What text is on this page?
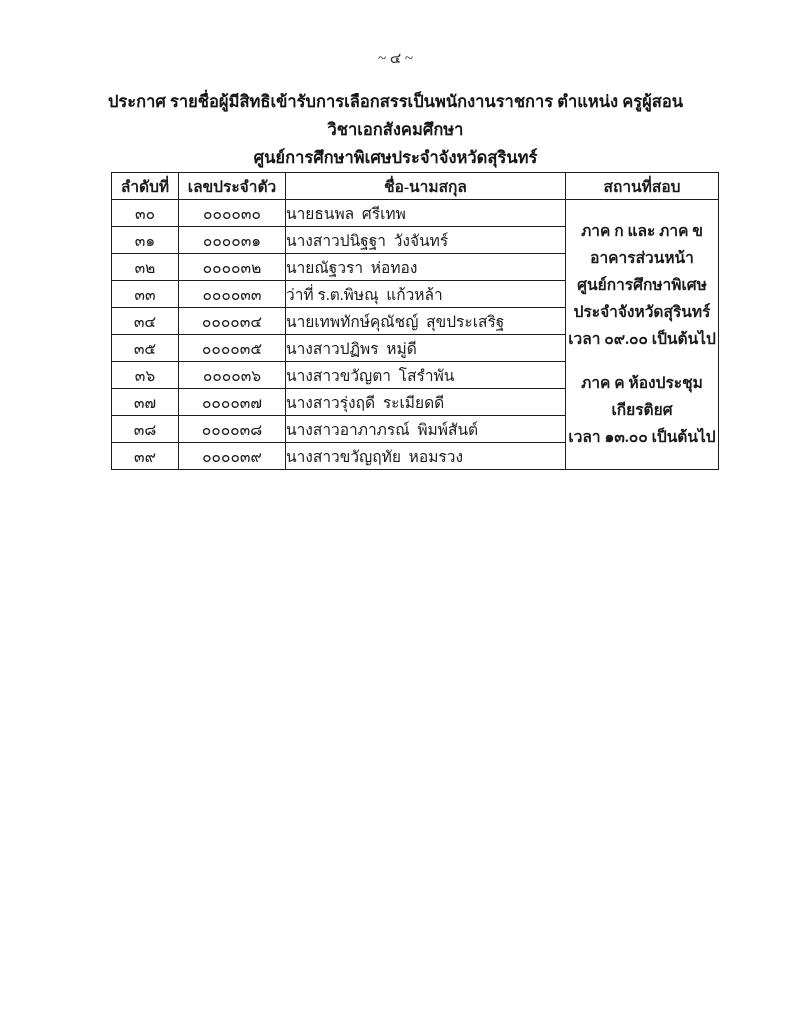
~ ๔ ~
ประกาศ รายชื่อผู้มีสิทธิเข้ารับการเลือกสรรเป็นพนักงานราชการ ตำแหน่ง ครูผู้สอน
วิชาเอกสังคมศึกษา
ศูนย์การศึกษาพิเศษประจำจังหวัดสุรินทร์
ลำดับที่	เลขประจำตัว	ชื่อ-นามสกุล	สถานที่สอบ
๓๐	๐๐๐๐๓๐	นายธนพล  ศรีเทพ	
ภาค ก และ ภาค ข
อาคารส่วนหน้า
ศูนย์การศึกษาพิเศษ
ประจำจังหวัดสุรินทร์
เวลา ๐๙.๐๐ เป็นต้นไป
ภาค ค ห้องประชุม
เกียรติยศ
เวลา ๑๓.๐๐ เป็นต้นไป

๓๑	๐๐๐๐๓๑	นางสาวปนิฐฐา  วังจันทร์	
๓๒	๐๐๐๐๓๒	นายณัฐวรา  ห่อทอง	
๓๓	๐๐๐๐๓๓	ว่าที่ ร.ต.พิษณุ  แก้วหล้า	
๓๔	๐๐๐๐๓๔	นายเทพทักษ์คุณัชญ์  สุขประเสริฐ	
๓๕	๐๐๐๐๓๕	นางสาวปฏิพร  หมู่ดี	
๓๖	๐๐๐๐๓๖	นางสาวขวัญตา  โสรำพัน	
๓๗	๐๐๐๐๓๗	นางสาวรุ่งฤดี  ระเมียดดี	
๓๘	๐๐๐๐๓๘	นางสาวอาภาภรณ์  พิมพ์สันต์	
๓๙	๐๐๐๐๓๙	นางสาวขวัญฤทัย  หอมรวง	
